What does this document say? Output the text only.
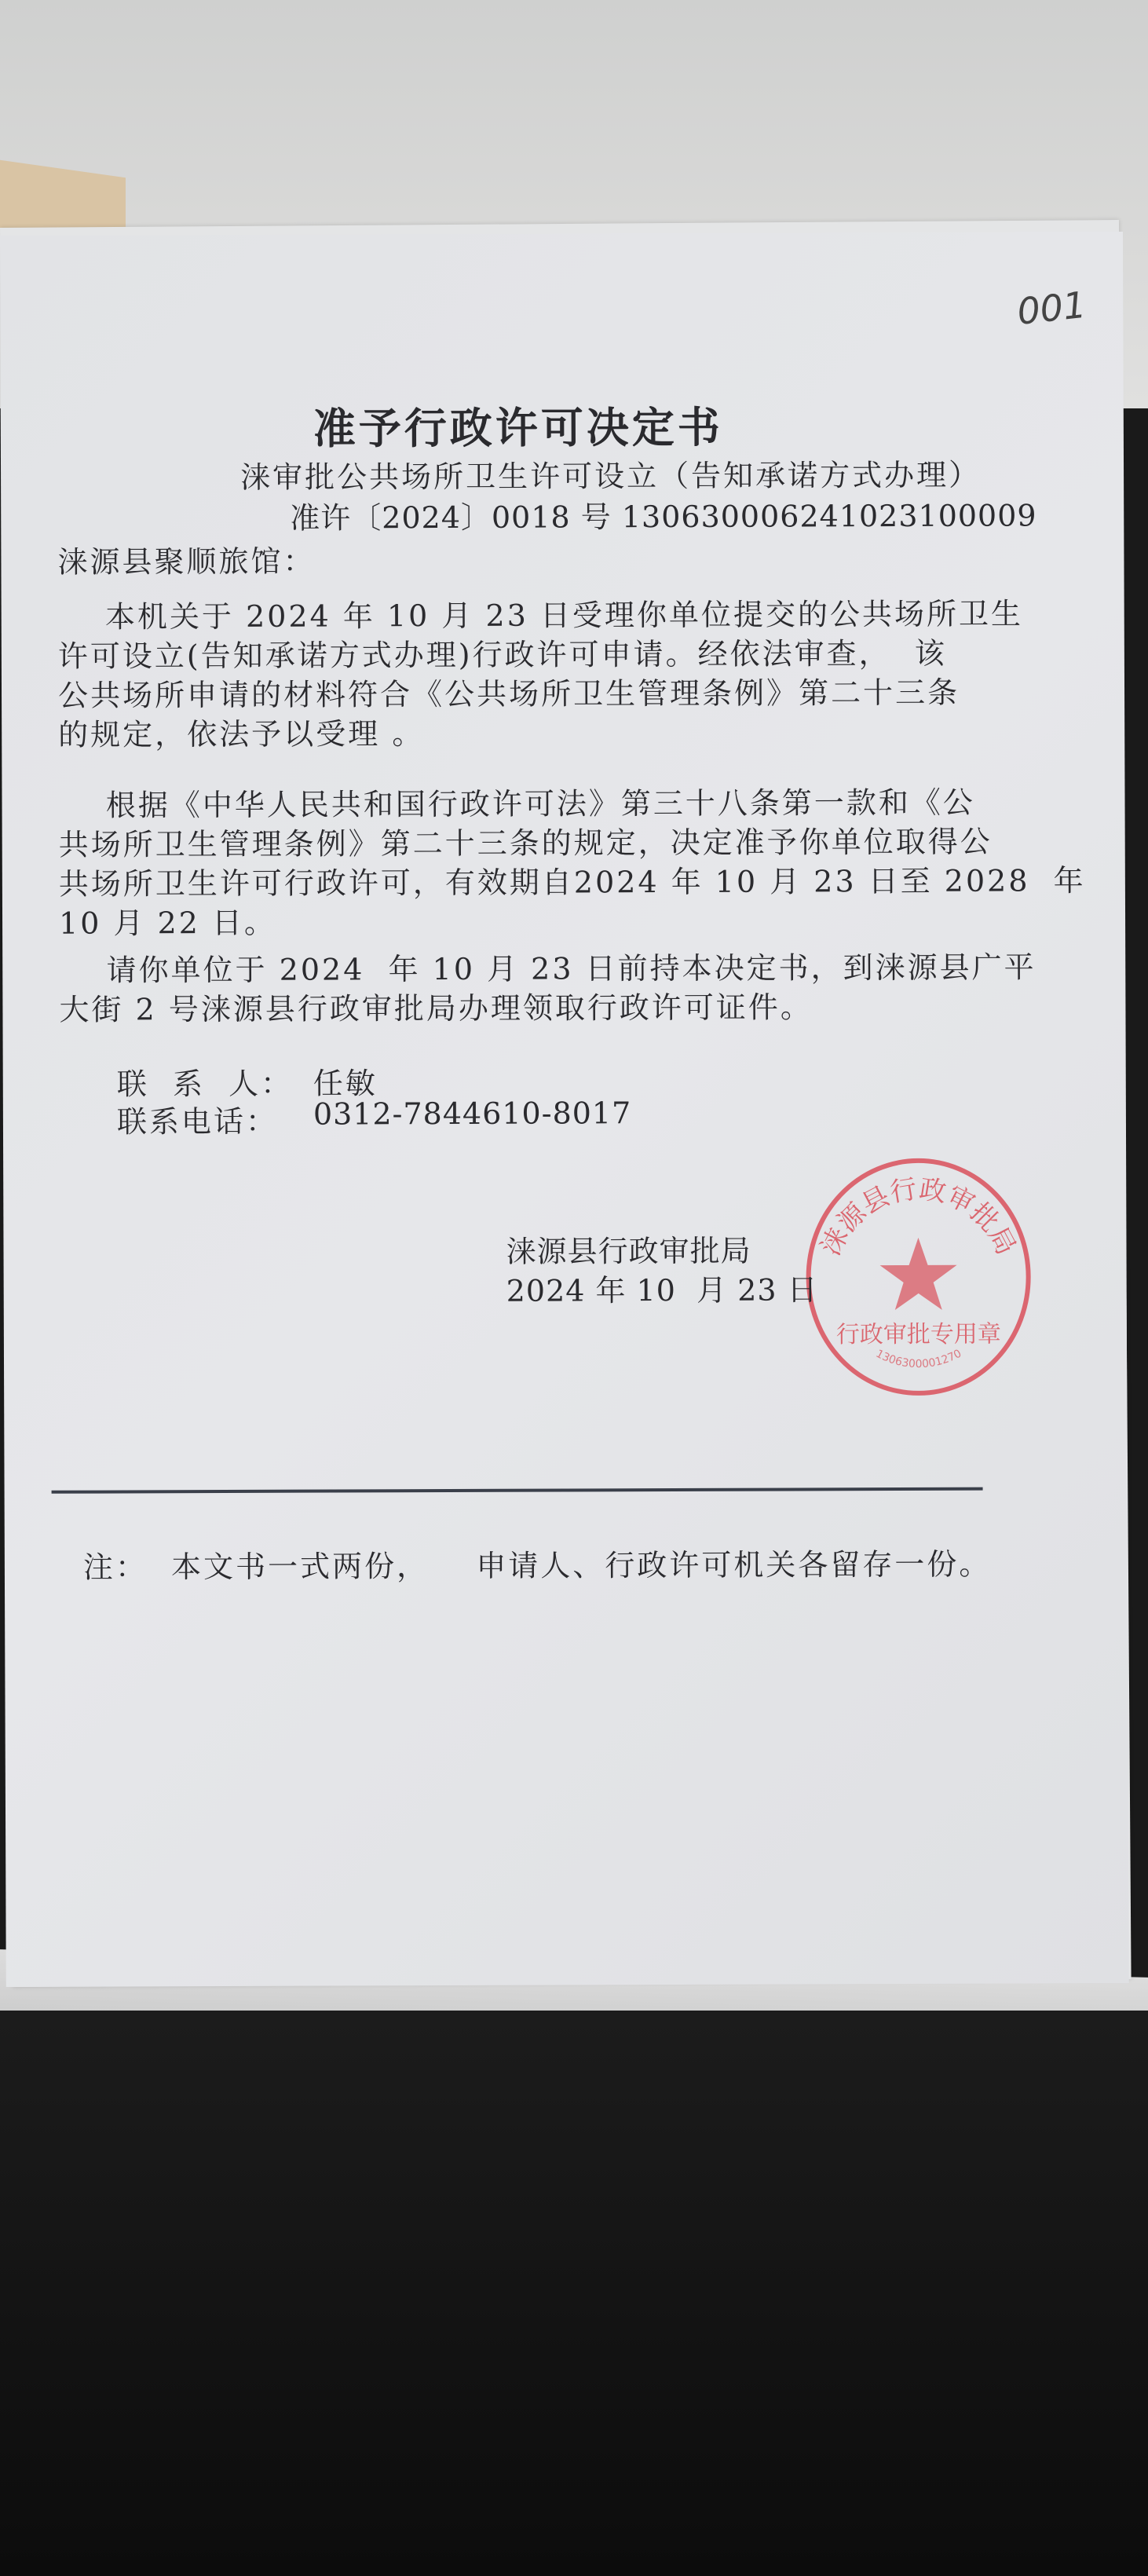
001
准予行政许可决定书
涞审批公共场所卫生许可设立（告知承诺方式办理）
准许〔2024〕0018 号 130630006241023100009
涞源县聚顺旅馆：
本机关于 2024 年 10 月 23 日受理你单位提交的公共场所卫生
许可设立(告知承诺方式办理)行政许可申请。经依法审查，  该
公共场所申请的材料符合《公共场所卫生管理条例》第二十三条
的规定，依法予以受理 。
根据《中华人民共和国行政许可法》第三十八条第一款和《公
共场所卫生管理条例》第二十三条的规定，决定准予你单位取得公
共场所卫生许可行政许可，有效期自2024 年 10 月 23 日至 2028  年
10 月 22 日。
请你单位于 2024  年 10 月 23 日前持本决定书，到涞源县广平
大街 2 号涞源县行政审批局办理领取行政许可证件。
联  系  人： 任敏
联系电话： 0312-7844610-8017
涞源县行政审批局
行政审批专用章
1306300001270
涞源县行政审批局
2024 年 10  月 23 日
注：  本文书一式两份，    申请人、行政许可机关各留存一份。
